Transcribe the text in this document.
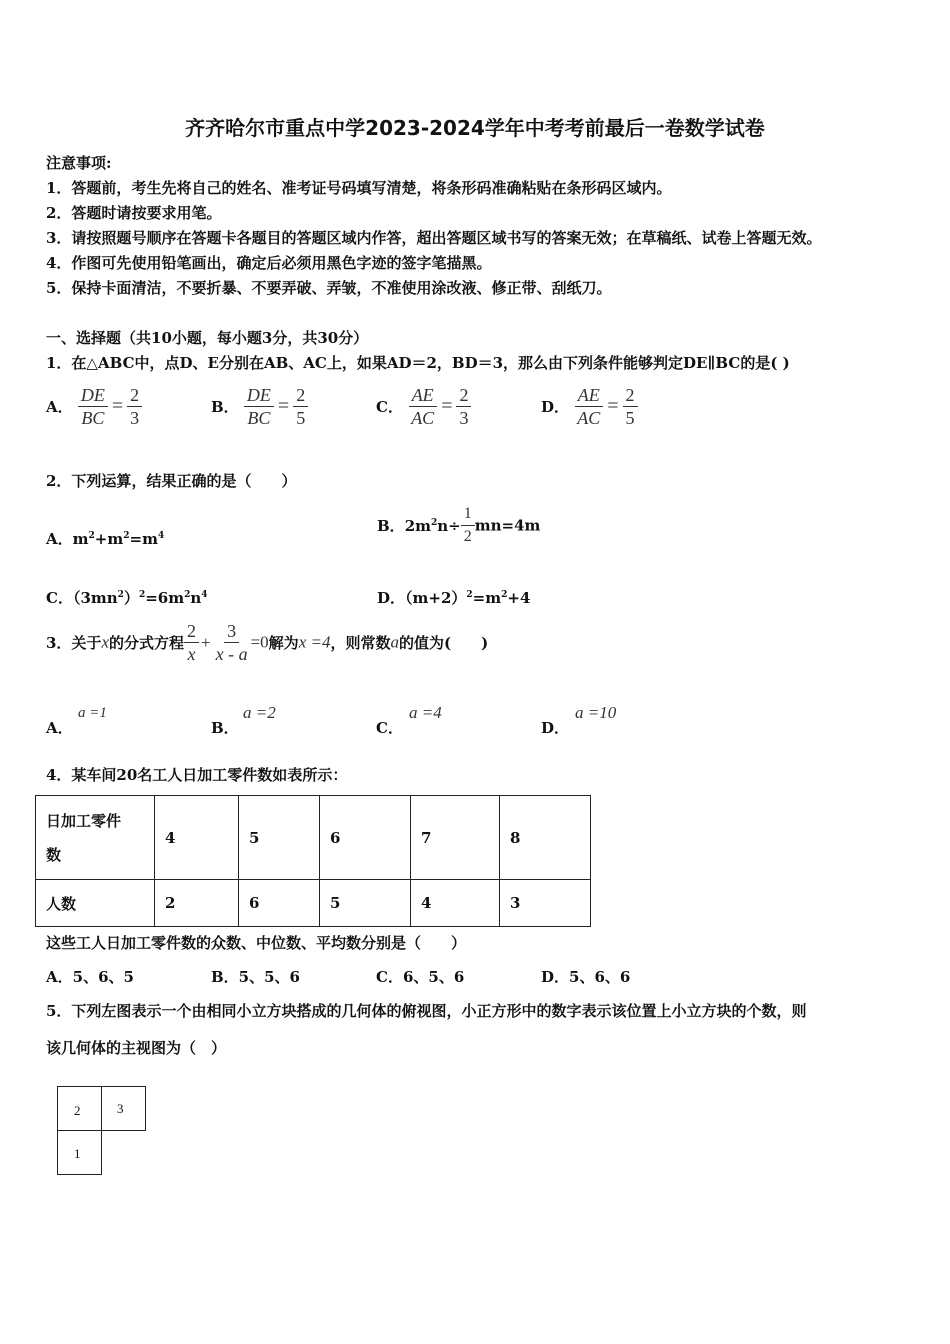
齐齐哈尔市重点中学2023-2024学年中考考前最后一卷数学试卷
注意事项:
1．答题前，考生先将自己的姓名、准考证号码填写清楚，将条形码准确粘贴在条形码区域内。
2．答题时请按要求用笔。
3．请按照题号顺序在答题卡各题目的答题区域内作答，超出答题区域书写的答案无效；在草稿纸、试卷上答题无效。
4．作图可先使用铅笔画出，确定后必须用黑色字迹的签字笔描黑。
5．保持卡面清洁，不要折暴、不要弄破、弄皱，不准使用涂改液、修正带、刮纸刀。
一、选择题（共10小题，每小题3分，共30分）
1．在△ABC中，点D、E分别在AB、AC上，如果AD＝2，BD＝3，那么由下列条件能够判定DE∥BC的是( )
A． $\frac{DE}{BC} = \frac{2}{3}$	B． $\frac{DE}{BC} = \frac{2}{5}$	C． $\frac{AE}{AC} = \frac{2}{3}$	D． $\frac{AE}{AC} = \frac{2}{5}$
2．下列运算，结果正确的是（　　）
A．$m^2+m^2=m^4$
B．$2m^2n\div \frac{1}{2} mn=4m$
C．$(3mn^2)^2=6m^2n^4$	D．$(m+2)^2=m^2+4$
3．关于x的分式方程 $\frac{2}{x} + \frac{3}{x - a} =0$解为x =4，则常数a的值为(　　)
A．
a =1
B．
a =2
C．
a =4
D．
a =10
4．某车间20名工人日加工零件数如表所示：
日加工零件
数	4	5	6	7	8
人数	2	6	5	4	3
这些工人日加工零件数的众数、中位数、平均数分别是（　　）
A．5、6、5	B．5、5、6	C．6、5、6	D．5、6、6
5．下列左图表示一个由相同小立方块搭成的几何体的俯视图，小正方形中的数字表示该位置上小立方块的个数，则
该几何体的主视图为（　）
2	3
1
